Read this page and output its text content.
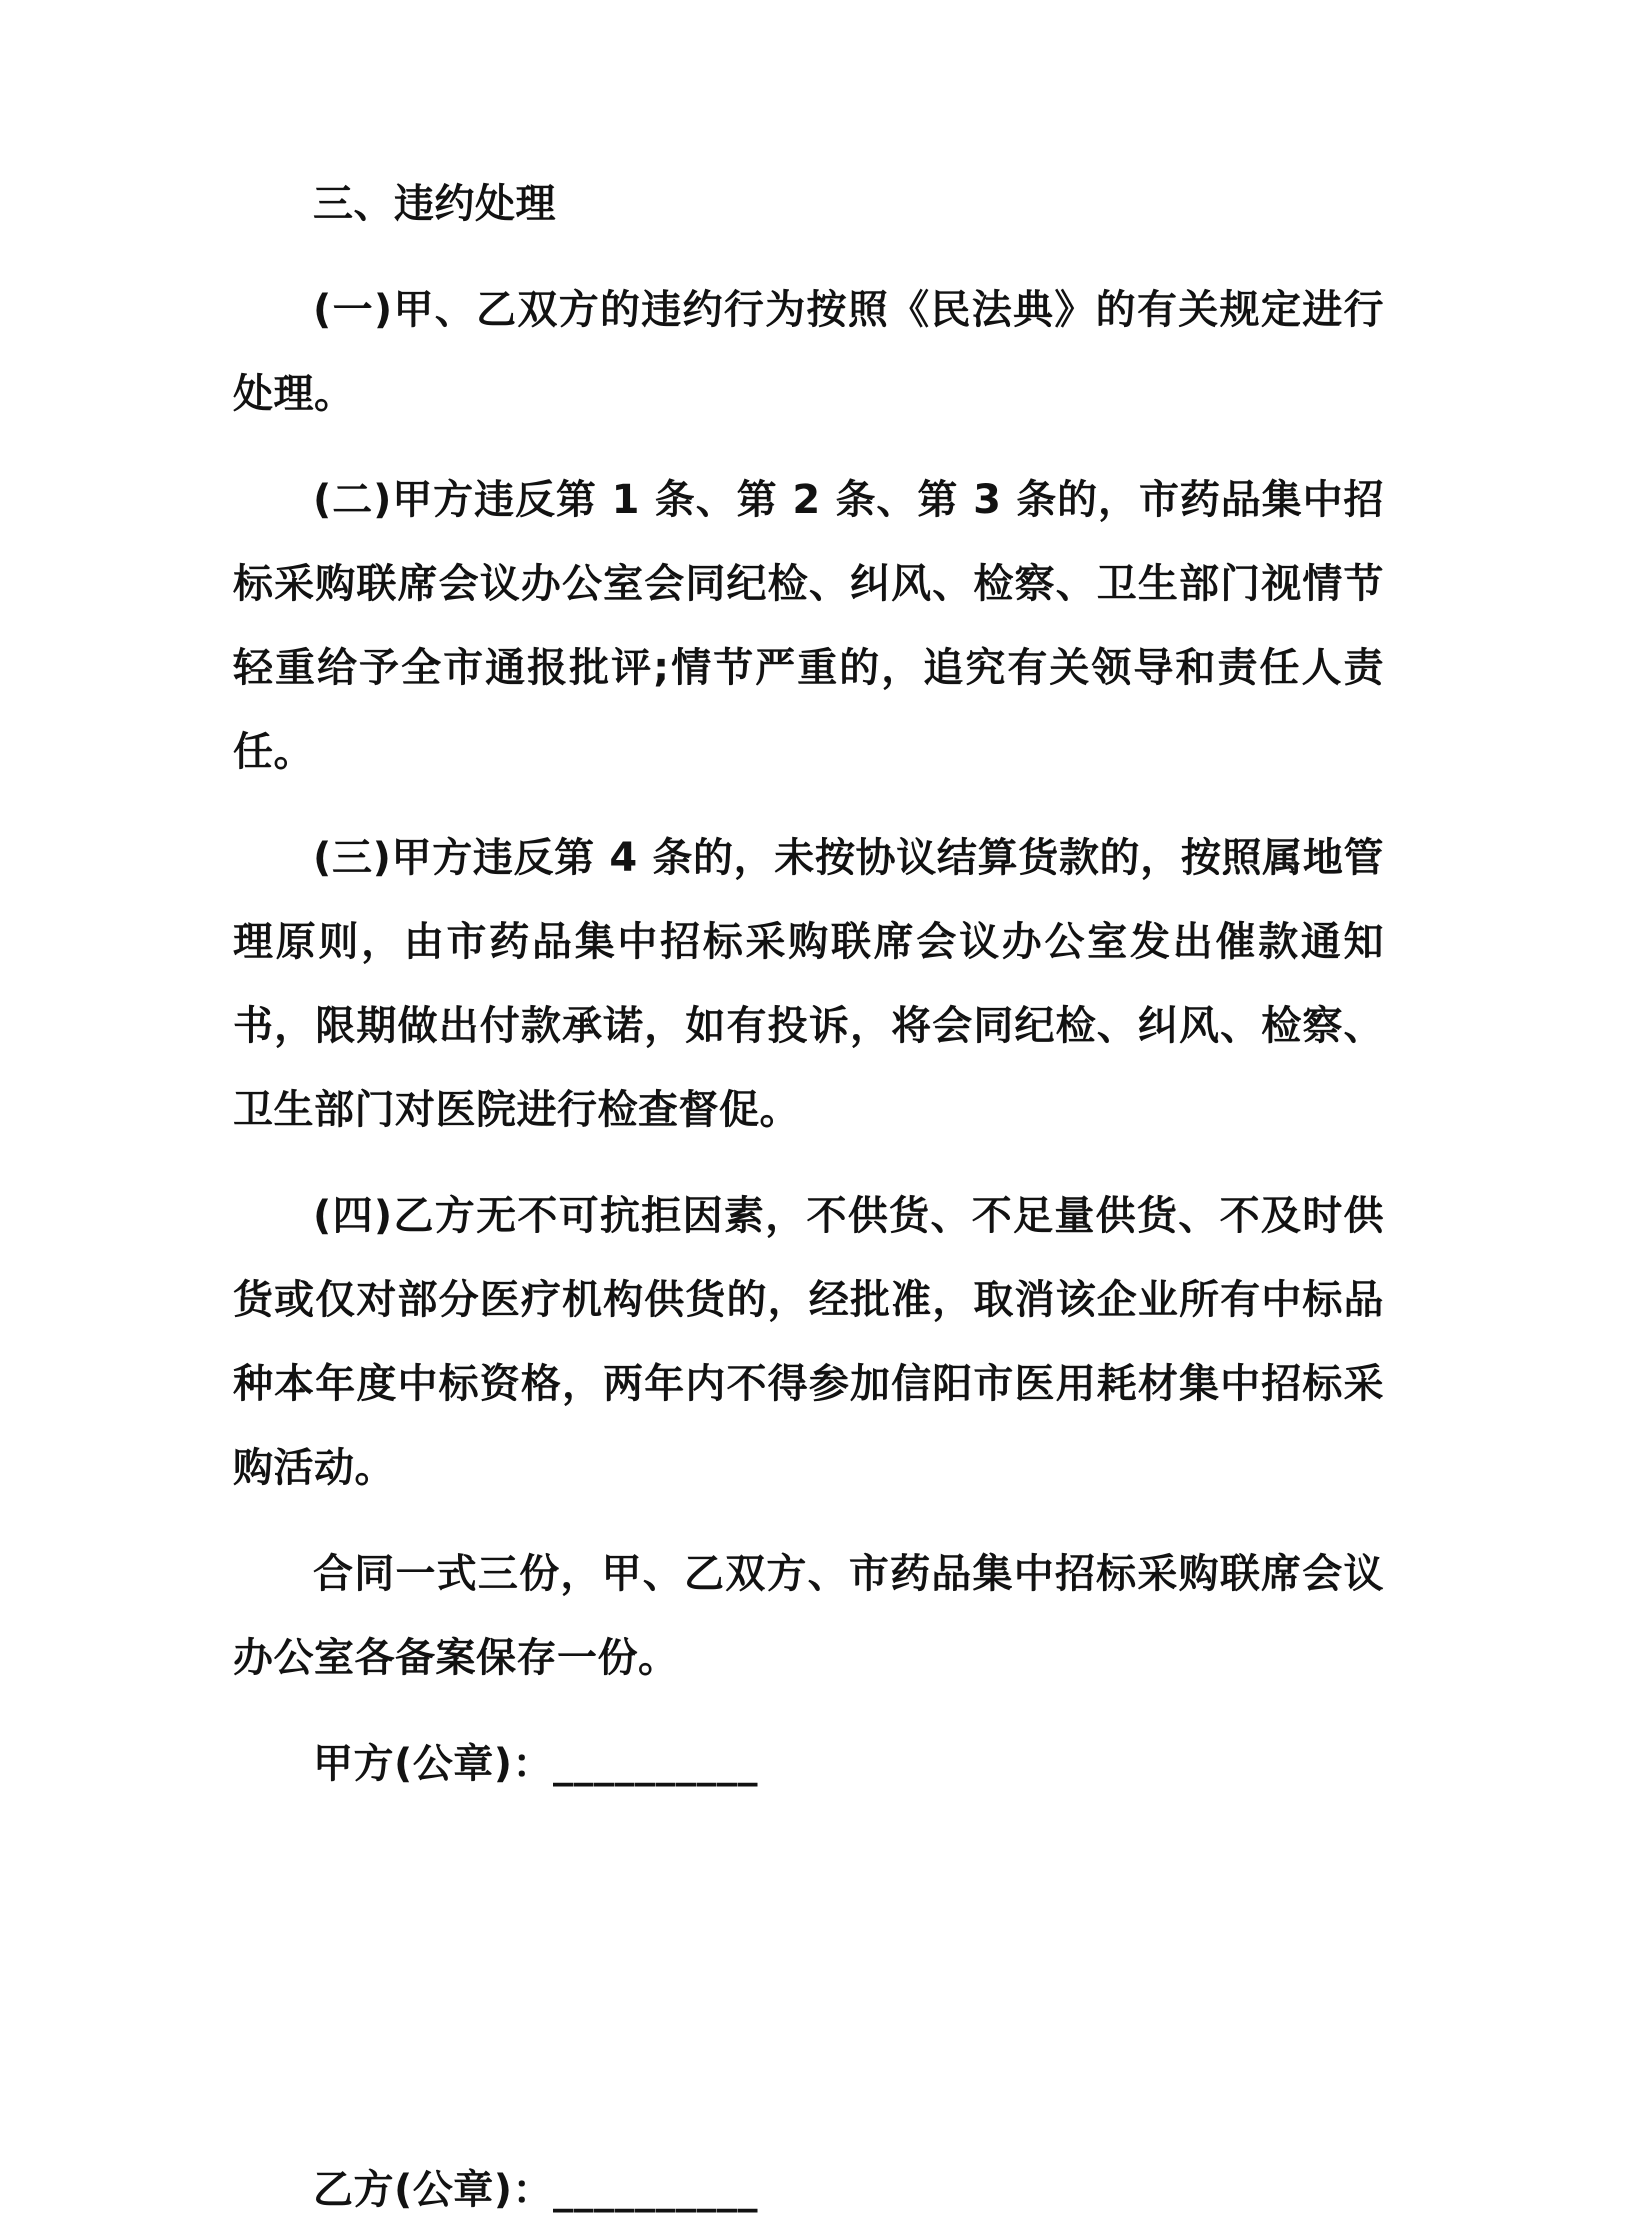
三、违约处理

(一)甲、乙双方的违约行为按照《民法典》的有关规定进行处理。

(二)甲方违反第 1 条、第 2 条、第 3 条的，市药品集中招标采购联席会议办公室会同纪检、纠风、检察、卫生部门视情节轻重给予全市通报批评;情节严重的，追究有关领导和责任人责任。

(三)甲方违反第 4 条的，未按协议结算货款的，按照属地管理原则，由市药品集中招标采购联席会议办公室发出催款通知书，限期做出付款承诺，如有投诉，将会同纪检、纠风、检察、卫生部门对医院进行检查督促。

(四)乙方无不可抗拒因素，不供货、不足量供货、不及时供货或仅对部分医疗机构供货的，经批准，取消该企业所有中标品种本年度中标资格，两年内不得参加信阳市医用耗材集中招标采购活动。

合同一式三份，甲、乙双方、市药品集中招标采购联席会议办公室各备案保存一份。

甲方(公章)：__________

乙方(公章)：__________
